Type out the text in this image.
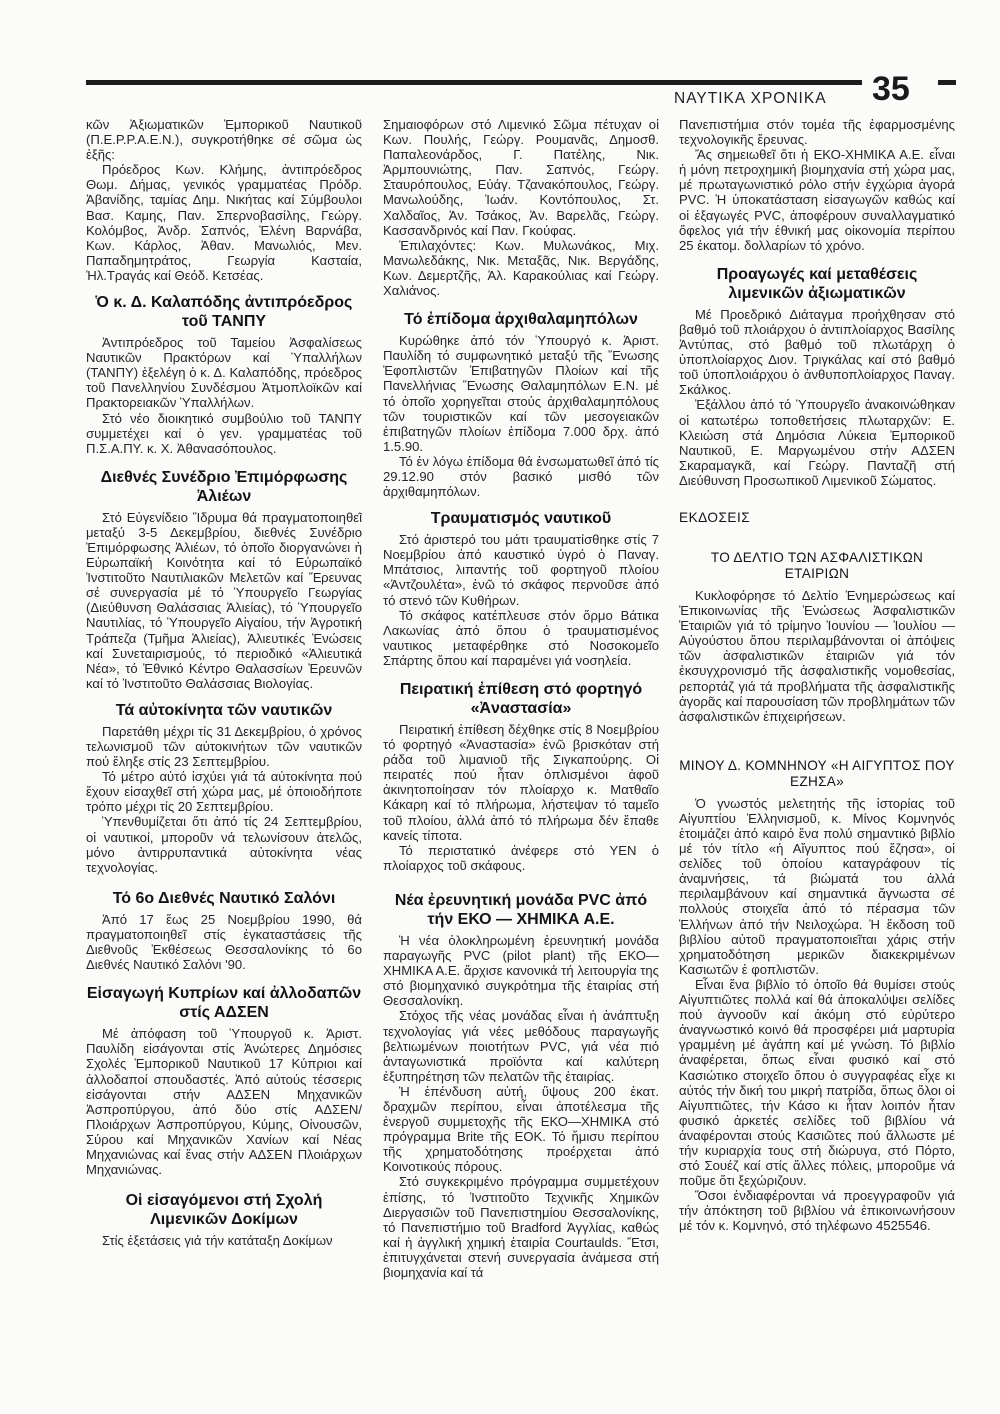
ΝΑΥΤΙΚΑ ΧΡΟΝΙΚΑ 35

κῶν Ἀξιωματικῶν Ἐμπορικοῦ Ναυτικοῦ (Π.Ε.Ρ.Ρ.Α.Ε.Ν.), συγκροτήθηκε σέ σῶμα ὡς ἑξῆς:

Πρόεδρος Κων. Κλήμης, ἀντιπρόεδρος Θωμ. Δήμας, γενικός γραμματέας Πρόδρ. Ἀβανίδης, ταμίας Δημ. Νικήτας καί Σύμβουλοι Βασ. Καμης, Παν. Σπερνοβασίλης, Γεώργ. Κολόμβος, Ἀνδρ. Σαπνός, Ἑλένη Βαρνάβα, Κων. Κάρλος, Ἀθαν. Μανωλιός, Μεν. Παπαδημητράτος, Γεωργία Κασταία, Ἠλ.Τραγάς καί Θεόδ. Κετσέας.

Ὁ κ. Δ. Καλαπόδης ἀντιπρόεδρος τοῦ ΤΑΝΠΥ

Ἀντιπρόεδρος τοῦ Ταμείου Ἀσφαλίσεως Ναυτικῶν Πρακτόρων καί Ὑπαλλήλων (ΤΑΝΠΥ) ἐξελέγη ὁ κ. Δ. Καλαπόδης, πρόεδρος τοῦ Πανελληνίου Συνδέσμου Ἀτμοπλοϊκῶν καί Πρακτορειακῶν Ὑπαλλήλων.

Στό νέο διοικητικό συμβούλιο τοῦ ΤΑΝΠΥ συμμετέχει καί ὁ γεν. γραμματέας τοῦ Π.Σ.Α.ΠΥ. κ. Χ. Ἀθανασόπουλος.

Διεθνές Συνέδριο Ἐπιμόρφωσης Ἁλιέων

Στό Εὐγενίδειο Ἵδρυμα θά πραγματοποιηθεῖ μεταξύ 3-5 Δεκεμβρίου, διεθνές Συνέδριο Ἐπιμόρφωσης Ἁλιέων, τό ὁποῖο διοργανώνει ἡ Εὐρωπαϊκή Κοινότητα καί τό Εὐρωπαϊκό Ἰνστιτοῦτο Ναυτιλιακῶν Μελετῶν καί Ἔρευνας σέ συνεργασία μέ τό Ὑπουργεῖο Γεωργίας (Διεύθυνση Θαλάσσιας Ἁλιείας), τό Ὑπουργεῖο Ναυτιλίας, τό Ὑπουργεῖο Αἰγαίου, τήν Ἀγροτική Τράπεζα (Τμῆμα Ἁλιείας), Ἁλιευτικές Ἑνώσεις καί Συνεταιρισμούς, τό περιοδικό «Ἁλιευτικά Νέα», τό Ἐθνικό Κέντρο Θαλασσίων Ἐρευνῶν καί τό Ἰνστιτοῦτο Θαλάσσιας Βιολογίας.

Τά αὐτοκίνητα τῶν ναυτικῶν

Παρετάθη μέχρι τίς 31 Δεκεμβρίου, ὁ χρόνος τελωνισμοῦ τῶν αὐτοκινήτων τῶν ναυτικῶν πού ἔληξε στίς 23 Σεπτεμβρίου.

Τό μέτρο αὐτό ἰσχύει γιά τά αὐτοκίνητα πού ἔχουν εἰσαχθεῖ στή χώρα μας, μέ ὁποιοδήποτε τρόπο μέχρι τίς 20 Σεπτεμβρίου.

Ὑπενθυμίζεται ὅτι ἀπό τίς 24 Σεπτεμβρίου, οἱ ναυτικοί, μποροῦν νά τελωνίσουν ἀτελῶς, μόνο ἀντιρρυπαντικά αὐτοκίνητα νέας τεχνολογίας.

Τό 6ο Διεθνές Ναυτικό Σαλόνι

Ἀπό 17 ἕως 25 Νοεμβρίου 1990, θά πραγματοποιηθεῖ στίς ἐγκαταστάσεις τῆς Διεθνοῦς Ἐκθέσεως Θεσσαλονίκης τό 6ο Διεθνές Ναυτικό Σαλόνι '90.

Εἰσαγωγή Κυπρίων καί ἀλλοδαπῶν στίς ΑΔΣΕΝ

Μέ ἀπόφαση τοῦ Ὑπουργοῦ κ. Ἀριστ. Παυλίδη εἰσάγονται στίς Ἀνώτερες Δημόσιες Σχολές Ἐμπορικοῦ Ναυτικοῦ 17 Κύπριοι καί ἀλλοδαποί σπουδαστές. Ἀπό αὐτούς τέσσερις εἰσάγονται στήν ΑΔΣΕΝ Μηχανικῶν Ἀσπροπύργου, ἀπό δύο στίς ΑΔΣΕΝ/ Πλοιάρχων Ἀσπροπύργου, Κύμης, Οἰνουσῶν, Σύρου καί Μηχανικῶν Χανίων καί Νέας Μηχανιώνας καί ἕνας στήν ΑΔΣΕΝ Πλοιάρχων Μηχανιώνας.

Οἱ εἰσαγόμενοι στή Σχολή Λιμενικῶν Δοκίμων

Στίς ἐξετάσεις γιά τήν κατάταξη Δοκίμων

Σημαιοφόρων στό Λιμενικό Σῶμα πέτυχαν οἱ Κων. Πουλής, Γεώργ. Ρουμανᾶς, Δημοσθ. Παπαλεονάρδος, Γ. Πατέλης, Νικ. Ἁρμπουνιώτης, Παν. Σαπνός, Γεώργ. Σταυρόπουλος, Εὐάγ. Τζανακόπουλος, Γεώργ. Μανωλούδης, Ἰωάν. Κοντόπουλος, Στ. Χαλδαῖος, Ἀν. Τσάκος, Ἀν. Βαρελᾶς, Γεώργ. Κασσανδρινός καί Παν. Γκούφας.

Ἐπιλαχόντες: Κων. Μυλωνάκος, Μιχ. Μανωλεδάκης, Νικ. Μεταξᾶς, Νικ. Βεργάδης, Κων. Δεμερτζῆς, Ἀλ. Καρακούλιας καί Γεώργ. Χαλιάνος.

Τό ἐπίδομα ἀρχιθαλαμηπόλων

Κυρώθηκε ἀπό τόν Ὑπουργό κ. Ἀριστ. Παυλίδη τό συμφωνητικό μεταξύ τῆς Ἕνωσης Ἐφοπλιστῶν Ἐπιβατηγῶν Πλοίων καί τῆς Πανελλήνιας Ἕνωσης Θαλαμηπόλων Ε.Ν. μέ τό ὁποῖο χορηγεῖται στούς ἀρχιθαλαμηπόλους τῶν τουριστικῶν καί τῶν μεσογειακῶν ἐπιβατηγῶν πλοίων ἐπίδομα 7.000 δρχ. ἀπό 1.5.90.

Τό ἐν λόγω ἐπίδομα θά ἐνσωματωθεῖ ἀπό τίς 29.12.90 στόν βασικό μισθό τῶν ἀρχιθαμηπόλων.

Τραυματισμός ναυτικοῦ

Στό ἀριστερό του μάτι τραυματίσθηκε στίς 7 Νοεμβρίου ἀπό καυστικό ὑγρό ὁ Παναγ. Μπάτσιος, λιπαντής τοῦ φορτηγοῦ πλοίου «Ἀντζουλέτα», ἐνῶ τό σκάφος περνοῦσε ἀπό τό στενό τῶν Κυθήρων.

Τό σκάφος κατέπλευσε στόν ὅρμο Βάτικα Λακωνίας ἀπό ὅπου ὁ τραυματισμένος ναυτικος μεταφέρθηκε στό Νοσοκομεῖο Σπάρτης ὅπου καί παραμένει γιά νοσηλεία.

Πειρατική ἐπίθεση στό φορτηγό «Ἀναστασία»

Πειρατική ἐπίθεση δέχθηκε στίς 8 Νοεμβρίου τό φορτηγό «Ἀναστασία» ἐνῶ βρισκόταν στή ράδα τοῦ λιμανιοῦ τῆς Σιγκαπούρης. Οἱ πειρατές πού ἦταν ὁπλισμένοι ἀφοῦ ἀκινητοποίησαν τόν πλοίαρχο κ. Ματθαῖο Κάκαρη καί τό πλήρωμα, λήστεψαν τό ταμεῖο τοῦ πλοίου, ἀλλά ἀπό τό πλήρωμα δέν ἔπαθε κανείς τίποτα.

Τό περιστατικό ἀνέφερε στό ΥΕΝ ὁ πλοίαρχος τοῦ σκάφους.

Νέα ἐρευνητική μονάδα PVC ἀπό τήν ΕΚΟ — ΧΗΜΙΚΑ Α.Ε.

Ἡ νέα ὁλοκληρωμένη ἐρευνητική μονάδα παραγωγῆς PVC (pilot plant) τῆς ΕΚΟ— ΧΗΜΙΚΑ Α.Ε. ἄρχισε κανονικά τή λειτουργία της στό βιομηχανικό συγκρότημα τῆς ἑταιρίας στή Θεσσαλονίκη.

Στόχος τῆς νέας μονάδας εἶναι ἡ ἀνάπτυξη τεχνολογίας γιά νέες μεθόδους παραγωγῆς βελτιωμένων ποιοτήτων PVC, γιά νέα πιό ἀνταγωνιστικά προϊόντα καί καλύτερη ἐξυπηρέτηση τῶν πελατῶν τῆς ἑταιρίας.

Ἡ ἐπένδυση αὐτή, ὕψους 200 ἑκατ. δραχμῶν περίπου, εἶναι ἀποτέλεσμα τῆς ἐνεργοῦ συμμετοχῆς τῆς ΕΚΟ—ΧΗΜΙΚΑ στό πρόγραμμα Brite τῆς ΕΟΚ. Τό ἥμισυ περίπου τῆς χρηματοδότησης προέρχεται ἀπό Κοινοτικούς πόρους.

Στό συγκεκριμένο πρόγραμμα συμμετέχουν ἐπίσης, τό Ἰνστιτοῦτο Τεχνικῆς Χημικῶν Διεργασιῶν τοῦ Πανεπιστημίου Θεσσαλονίκης, τό Πανεπιστήμιο τοῦ Bradford Ἀγγλίας, καθώς καί ἡ ἀγγλική χημική ἑταιρία Courtaulds. Ἔτσι, ἐπιτυγχάνεται στενή συνεργασία ἀνάμεσα στή βιομηχανία καί τά

Πανεπιστήμια στόν τομέα τῆς ἐφαρμοσμένης τεχνολογικῆς ἔρευνας.

Ἄς σημειωθεῖ ὅτι ἡ ΕΚΟ-ΧΗΜΙΚΑ Α.Ε. εἶναι ἡ μόνη πετροχημική βιομηχανία στή χώρα μας, μέ πρωταγωνιστικό ρόλο στήν ἐγχώρια ἀγορά PVC. Ἡ ὑποκατάσταση εἰσαγωγῶν καθώς καί οἱ ἐξαγωγές PVC, ἀποφέρουν συναλλαγματικό ὄφελος γιά τήν ἐθνική μας οἰκονομία περίπου 25 ἑκατομ. δολλαρίων τό χρόνο.

Προαγωγές καί μεταθέσεις λιμενικῶν ἀξιωματικῶν

Μέ Προεδρικό Διάταγμα προήχθησαν στό βαθμό τοῦ πλοιάρχου ὁ ἀντιπλοίαρχος Βασίλης Ἀντύπας, στό βαθμό τοῦ πλωτάρχη ὁ ὑποπλοίαρχος Διον. Τριγκάλας καί στό βαθμό τοῦ ὑποπλοιάρχου ὁ ἀνθυποπλοίαρχος Παναγ. Σκάλκος.

Ἐξάλλου ἀπό τό Ὑπουργεῖο ἀνακοινώθηκαν οἱ κατωτέρω τοποθετήσεις πλωταρχῶν: Ε. Κλειώση στά Δημόσια Λύκεια Ἐμπορικοῦ Ναυτικοῦ, Ε. Μαργωμένου στήν ΑΔΣΕΝ Σκαραμαγκᾶ, καί Γεώργ. Πανταζῆ στή Διεύθυνση Προσωπικοῦ Λιμενικοῦ Σώματος.

ΕΚΔΟΣΕΙΣ
ΤΟ ΔΕΛΤΙΟ ΤΩΝ ΑΣΦΑΛΙΣΤΙΚΩΝ ΕΤΑΙΡΙΩΝ

Κυκλοφόρησε τό Δελτίο Ἐνημερώσεως καί Ἐπικοινωνίας τῆς Ἑνώσεως Ἀσφαλιστικῶν Ἑταιριῶν γιά τό τρίμηνο Ἰουνίου — Ἰουλίου — Αὐγούστου ὅπου περιλαμβάνονται οἱ ἀπόψεις τῶν ἀσφαλιστικῶν ἑταιριῶν γιά τόν ἐκσυγχρονισμό τῆς ἀσφαλιστικῆς νομοθεσίας, ρεπορτάζ γιά τά προβλήματα τῆς ἀσφαλιστικῆς ἀγορᾶς καί παρουσίαση τῶν προβλημάτων τῶν ἀσφαλιστικῶν ἐπιχειρήσεων.

ΜΙΝΟΥ Δ. ΚΟΜΝΗΝΟΥ «Η ΑΙΓΥΠΤΟΣ ΠΟΥ ΕΖΗΣΑ»

Ὁ γνωστός μελετητής τῆς ἱστορίας τοῦ Αἰγυπτίου Ἑλληνισμοῦ, κ. Μίνος Κομνηνός ἑτοιμάζει ἀπό καιρό ἕνα πολύ σημαντικό βιβλίο μέ τόν τίτλο «ἡ Αἴγυπτος πού ἔζησα», οἱ σελίδες τοῦ ὁποίου καταγράφουν τίς ἀναμνήσεις, τά βιώματά του ἀλλά περιλαμβάνουν καί σημαντικά ἄγνωστα σέ πολλούς στοιχεῖα ἀπό τό πέρασμα τῶν Ἑλλήνων ἀπό τήν Νειλοχώρα. Ἡ ἔκδοση τοῦ βιβλίου αὐτοῦ πραγματοποιεῖται χάρις στήν χρηματοδότηση μερικῶν διακεκριμένων Κασιωτῶν ἐ φοπλιστῶν.

Εἶναι ἕνα βιβλίο τό ὁποῖο θά θυμίσει στούς Αἰγυπτιῶτες πολλά καί θά ἀποκαλύψει σελίδες πού ἀγνοοῦν καί ἀκόμη στό εὐρύτερο ἀναγνωστικό κοινό θά προσφέρει μιά μαρτυρία γραμμένη μέ ἀγάπη καί μέ γνώση. Τό βιβλίο ἀναφέρεται, ὅπως εἶναι φυσικό καί στό Κασιώτικο στοιχεῖο ὅπου ὁ συγγραφέας εἶχε κι αὐτός τήν δική του μικρή πατρίδα, ὅπως ὅλοι οἱ Αἰγυπτιῶτες, τήν Κάσο κι ἦταν λοιπόν ἦταν φυσικό ἀρκετές σελίδες τοῦ βιβλίου νά ἀναφέρονται στούς Κασιῶτες πού ἄλλωστε μέ τήν κυριαρχία τους στή διώρυγα, στό Πόρτο, στό Σουέζ καί στίς ἄλλες πόλεις, μποροῦμε νά ποῦμε ὅτι ξεχώριζουν.

Ὅσοι ἐνδιαφέρονται νά προεγγραφοῦν γιά τήν ἀπόκτηση τοῦ βιβλίου νά ἐπικοινωνήσουν μέ τόν κ. Κομνηνό, στό τηλέφωνο 4525546.
